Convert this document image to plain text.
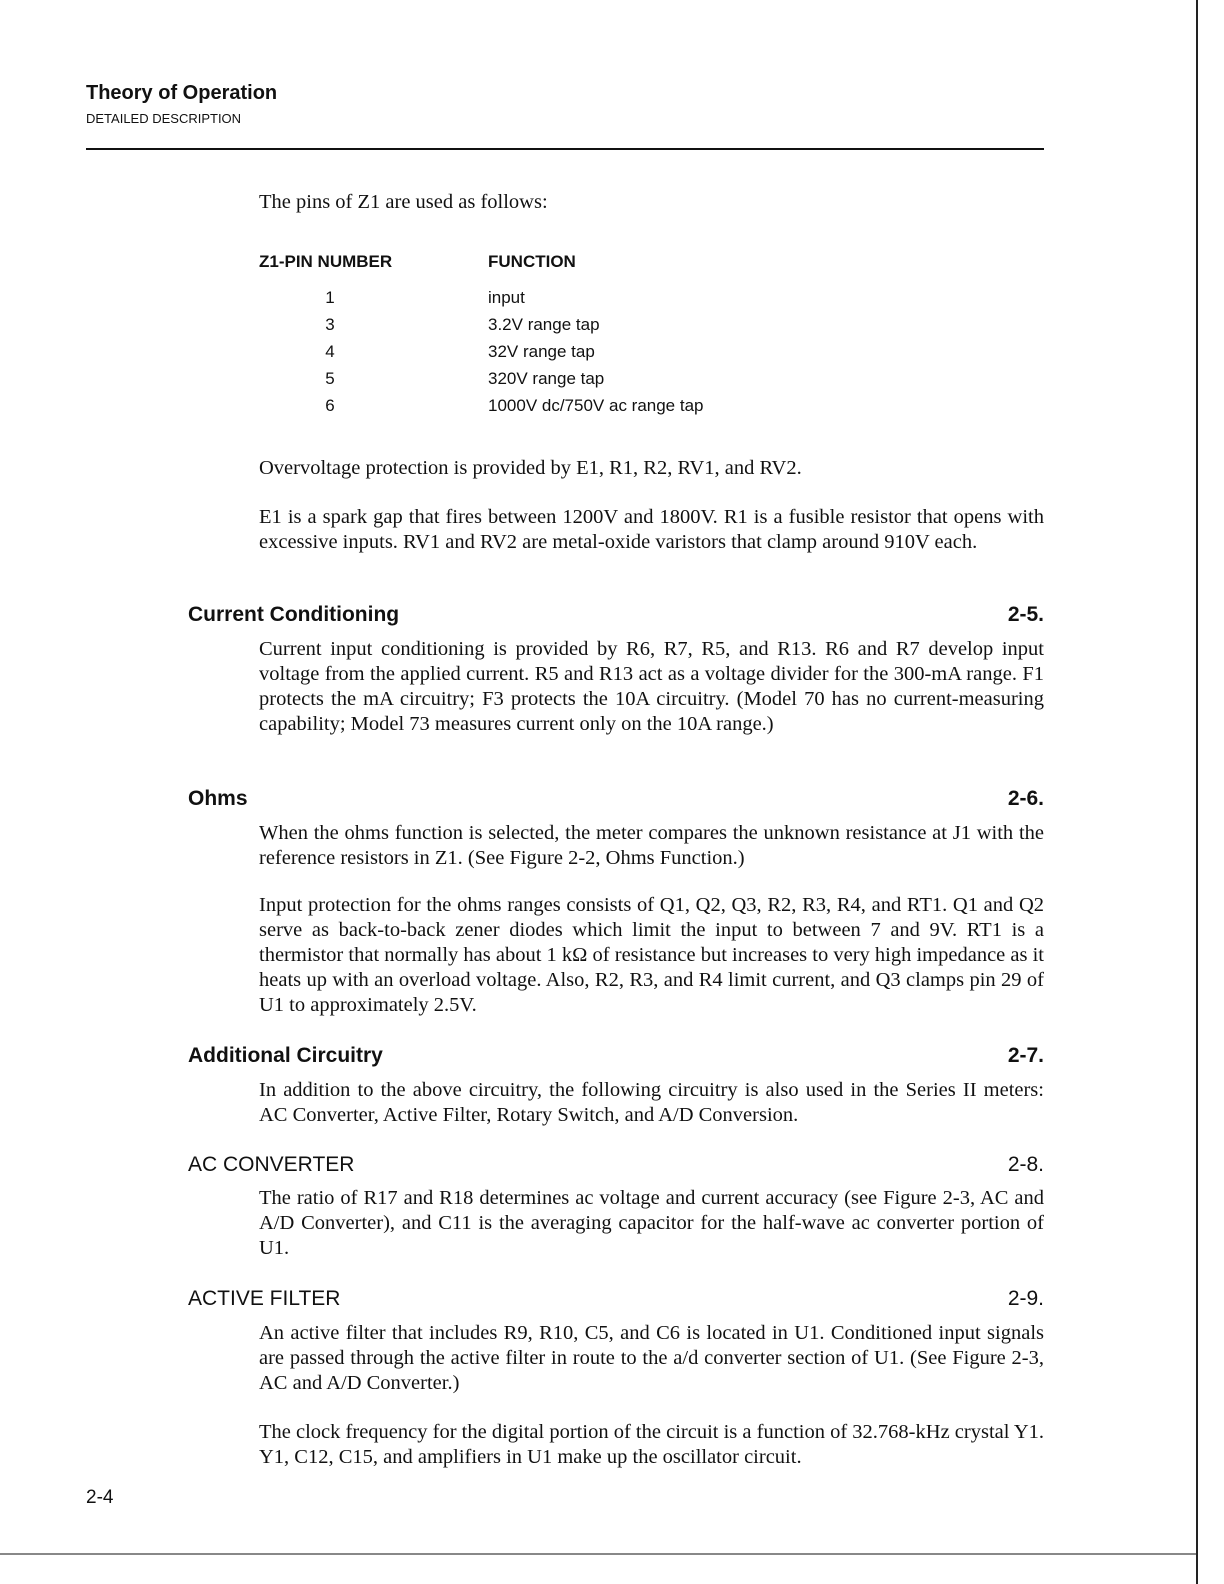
Theory of Operation
DETAILED DESCRIPTION

The pins of Z1 are used as follows:

Z1-PIN NUMBER	FUNCTION
1	input
3	3.2V range tap
4	32V range tap
5	320V range tap
6	1000V dc/750V ac range tap

Overvoltage protection is provided by E1, R1, R2, RV1, and RV2.

E1 is a spark gap that fires between 1200V and 1800V. R1 is a fusible resistor that opens with excessive inputs. RV1 and RV2 are metal-oxide varistors that clamp around 910V each.

Current Conditioning	2-5.

Current input conditioning is provided by R6, R7, R5, and R13. R6 and R7 develop input voltage from the applied current. R5 and R13 act as a voltage divider for the 300-mA range. F1 protects the mA circuitry; F3 protects the 10A circuitry. (Model 70 has no current-measuring capability; Model 73 measures current only on the 10A range.)

Ohms	2-6.

When the ohms function is selected, the meter compares the unknown resistance at J1 with the reference resistors in Z1. (See Figure 2-2, Ohms Function.)

Input protection for the ohms ranges consists of Q1, Q2, Q3, R2, R3, R4, and RT1. Q1 and Q2 serve as back-to-back zener diodes which limit the input to between 7 and 9V. RT1 is a thermistor that normally has about 1 kΩ of resistance but increases to very high impedance as it heats up with an overload voltage. Also, R2, R3, and R4 limit current, and Q3 clamps pin 29 of U1 to approximately 2.5V.

Additional Circuitry	2-7.

In addition to the above circuitry, the following circuitry is also used in the Series II meters: AC Converter, Active Filter, Rotary Switch, and A/D Conversion.

AC CONVERTER	2-8.

The ratio of R17 and R18 determines ac voltage and current accuracy (see Figure 2-3, AC and A/D Converter), and C11 is the averaging capacitor for the half-wave ac converter portion of U1.

ACTIVE FILTER	2-9.

An active filter that includes R9, R10, C5, and C6 is located in U1. Conditioned input signals are passed through the active filter in route to the a/d converter section of U1. (See Figure 2-3, AC and A/D Converter.)

The clock frequency for the digital portion of the circuit is a function of 32.768-kHz crystal Y1. Y1, C12, C15, and amplifiers in U1 make up the oscillator circuit.

2-4
